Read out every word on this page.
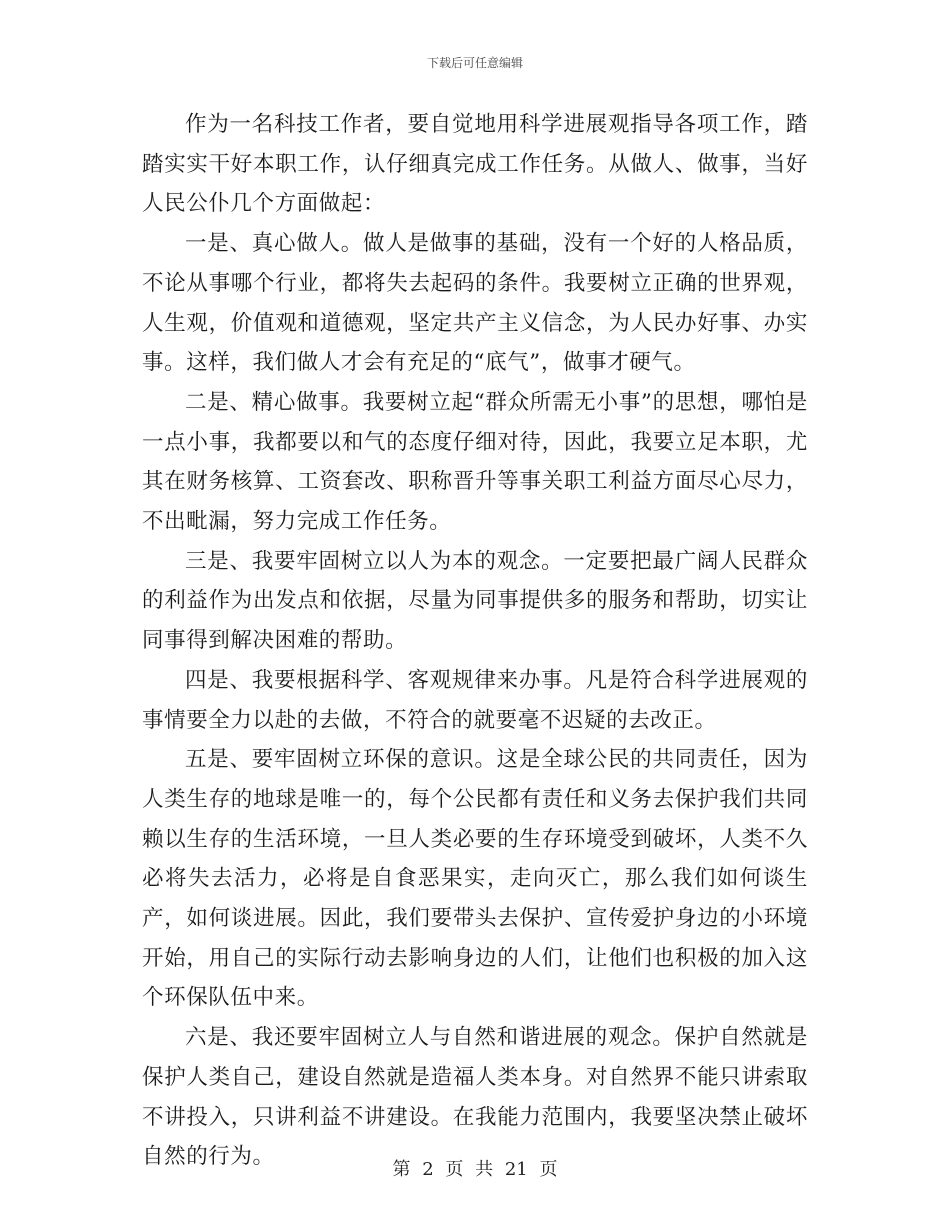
下载后可任意编辑

作为一名科技工作者，要自觉地用科学进展观指导各项工作，踏踏实实干好本职工作，认仔细真完成工作任务。从做人、做事，当好人民公仆几个方面做起：

一是、真心做人。做人是做事的基础，没有一个好的人格品质，不论从事哪个行业，都将失去起码的条件。我要树立正确的世界观，人生观，价值观和道德观，坚定共产主义信念，为人民办好事、办实事。这样，我们做人才会有充足的“底气”，做事才硬气。

二是、精心做事。我要树立起“群众所需无小事”的思想，哪怕是一点小事，我都要以和气的态度仔细对待，因此，我要立足本职，尤其在财务核算、工资套改、职称晋升等事关职工利益方面尽心尽力，不出毗漏，努力完成工作任务。

三是、我要牢固树立以人为本的观念。一定要把最广阔人民群众的利益作为出发点和依据，尽量为同事提供多的服务和帮助，切实让同事得到解决困难的帮助。

四是、我要根据科学、客观规律来办事。凡是符合科学进展观的事情要全力以赴的去做，不符合的就要毫不迟疑的去改正。

五是、要牢固树立环保的意识。这是全球公民的共同责任，因为人类生存的地球是唯一的，每个公民都有责任和义务去保护我们共同赖以生存的生活环境，一旦人类必要的生存环境受到破坏，人类不久必将失去活力，必将是自食恶果实，走向灭亡，那么我们如何谈生产，如何谈进展。因此，我们要带头去保护、宣传爱护身边的小环境开始，用自己的实际行动去影响身边的人们，让他们也积极的加入这个环保队伍中来。

六是、我还要牢固树立人与自然和谐进展的观念。保护自然就是保护人类自己，建设自然就是造福人类本身。对自然界不能只讲索取不讲投入，只讲利益不讲建设。在我能力范围内，我要坚决禁止破坏自然的行为。

第 2 页 共 21 页
